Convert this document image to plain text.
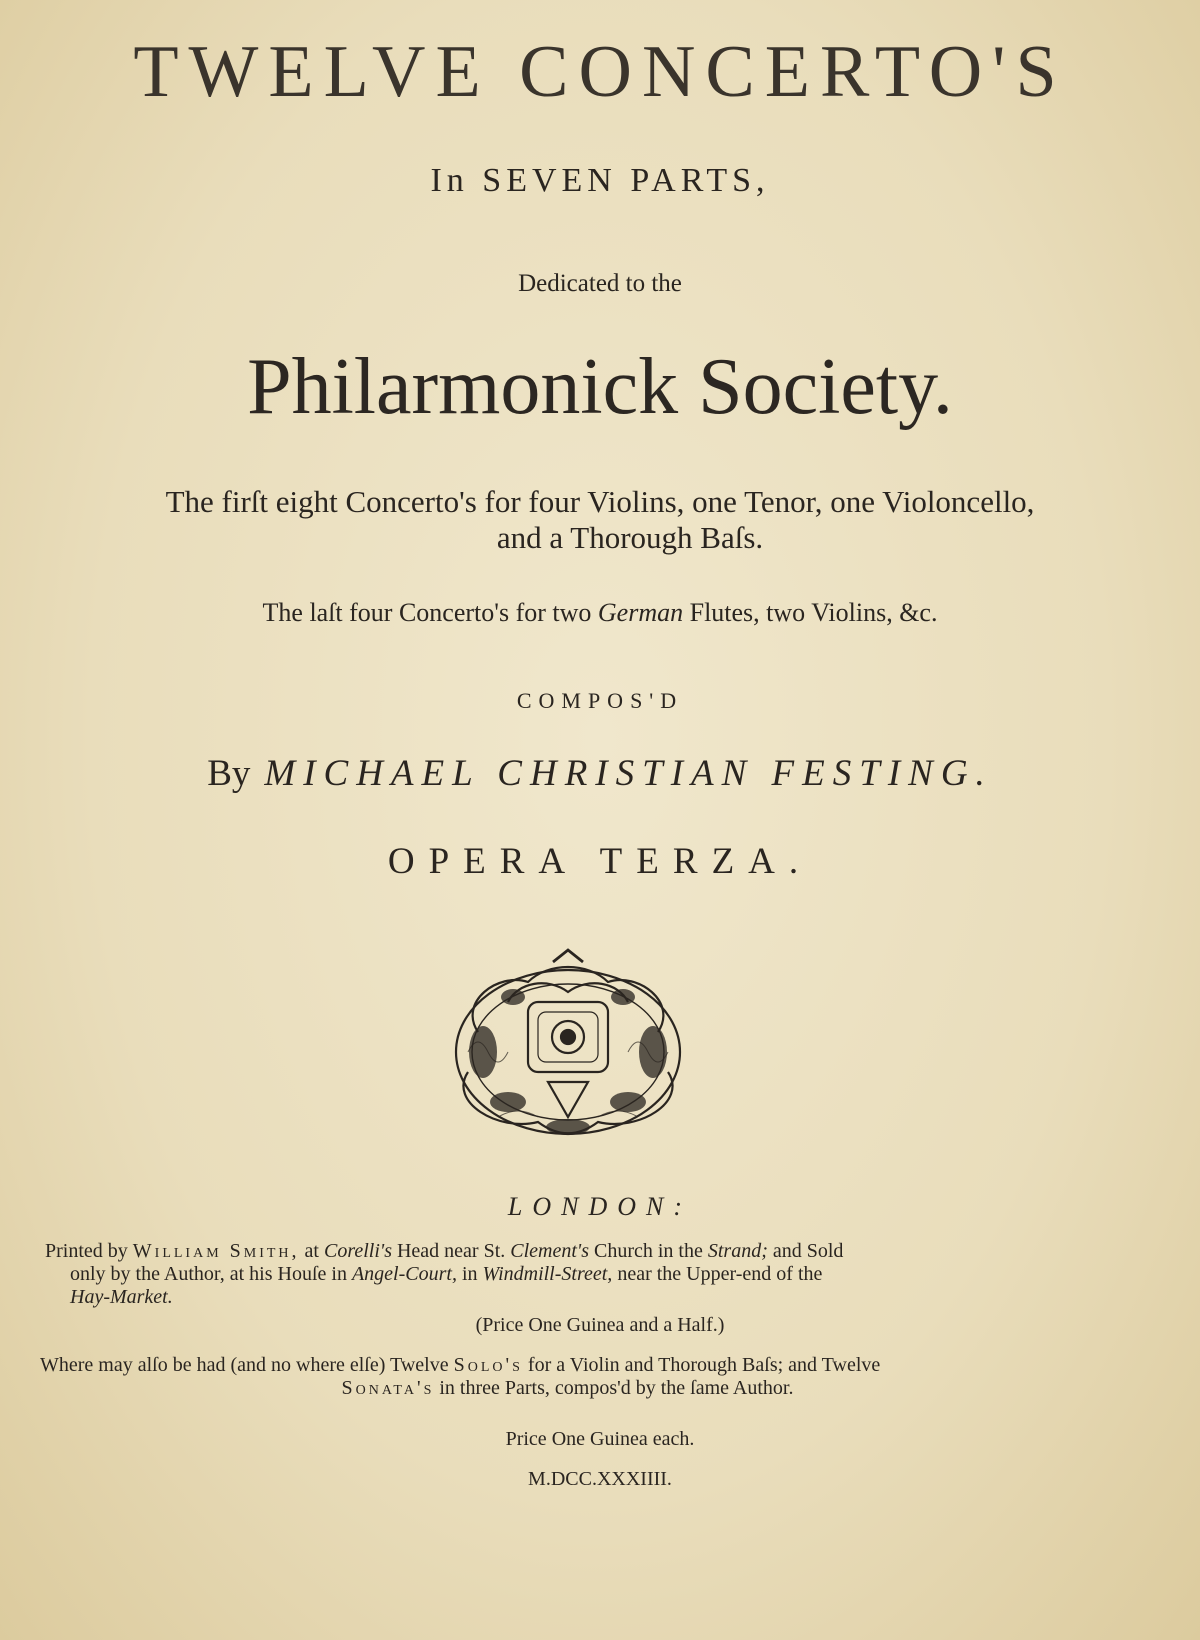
TWELVE CONCERTO'S
In SEVEN PARTS,
Dedicated to the
Philarmonick Society.
The firſt eight Concerto's for four Violins, one Tenor, one Violoncello,
and a Thorough Baſs.
The laſt four Concerto's for two German Flutes, two Violins, &c.
COMPOS'D
By MICHAEL CHRISTIAN FESTING.
OPERA TERZA.
LONDON:
Printed by William Smith, at Corelli's Head near St. Clement's Church in the Strand; and Sold
only by the Author, at his Houſe in Angel-Court, in Windmill-Street, near the Upper-end of the
Hay-Market.
(Price One Guinea and a Half.)
Where may alſo be had (and no where elſe) Twelve Solo's for a Violin and Thorough Baſs; and Twelve
Sonata's in three Parts, compos'd by the ſame Author.
Price One Guinea each.
M.DCC.XXXIIII.
